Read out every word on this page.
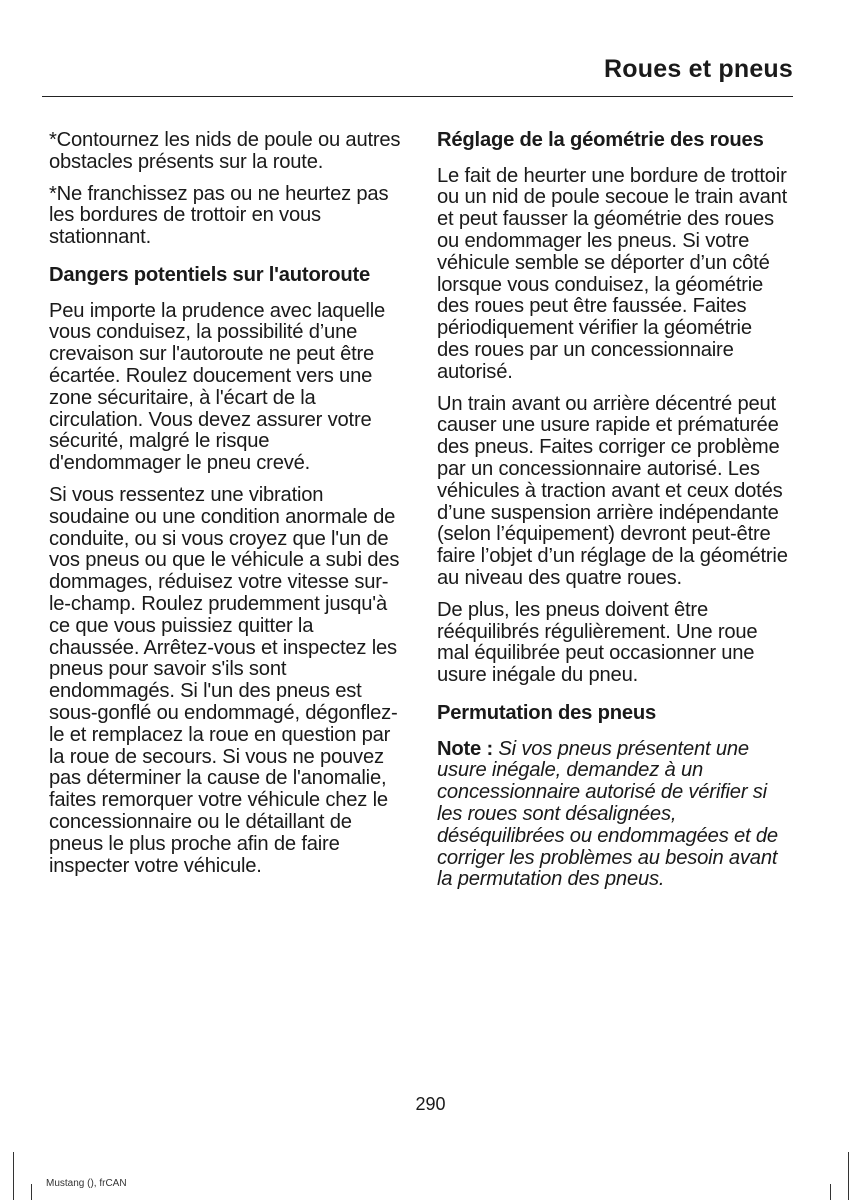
Roues et pneus

*Contournez les nids de poule ou autres obstacles présents sur la route.

*Ne franchissez pas ou ne heurtez pas les bordures de trottoir en vous stationnant.

Dangers potentiels sur l'autoroute

Peu importe la prudence avec laquelle vous conduisez, la possibilité d’une crevaison sur l'autoroute ne peut être écartée. Roulez doucement vers une zone sécuritaire, à l'écart de la circulation. Vous devez assurer votre sécurité, malgré le risque d'endommager le pneu crevé.

Si vous ressentez une vibration soudaine ou une condition anormale de conduite, ou si vous croyez que l'un de vos pneus ou que le véhicule a subi des dommages, réduisez votre vitesse sur-le-champ. Roulez prudemment jusqu'à ce que vous puissiez quitter la chaussée. Arrêtez-vous et inspectez les pneus pour savoir s'ils sont endommagés. Si l'un des pneus est sous-gonflé ou endommagé, dégonflez-le et remplacez la roue en question par la roue de secours. Si vous ne pouvez pas déterminer la cause de l'anomalie, faites remorquer votre véhicule chez le concessionnaire ou le détaillant de pneus le plus proche afin de faire inspecter votre véhicule.

Réglage de la géométrie des roues

Le fait de heurter une bordure de trottoir ou un nid de poule secoue le train avant et peut fausser la géométrie des roues ou endommager les pneus. Si votre véhicule semble se déporter d’un côté lorsque vous conduisez, la géométrie des roues peut être faussée. Faites périodiquement vérifier la géométrie des roues par un concessionnaire autorisé.

Un train avant ou arrière décentré peut causer une usure rapide et prématurée des pneus. Faites corriger ce problème par un concessionnaire autorisé. Les véhicules à traction avant et ceux dotés d’une suspension arrière indépendante (selon l’équipement) devront peut-être faire l’objet d’un réglage de la géométrie au niveau des quatre roues.

De plus, les pneus doivent être rééquilibrés régulièrement. Une roue mal équilibrée peut occasionner une usure inégale du pneu.

Permutation des pneus

Note : Si vos pneus présentent une usure inégale, demandez à un concessionnaire autorisé de vérifier si les roues sont désalignées, déséquilibrées ou endommagées et de corriger les problèmes au besoin avant la permutation des pneus.

290
Mustang (), frCAN
